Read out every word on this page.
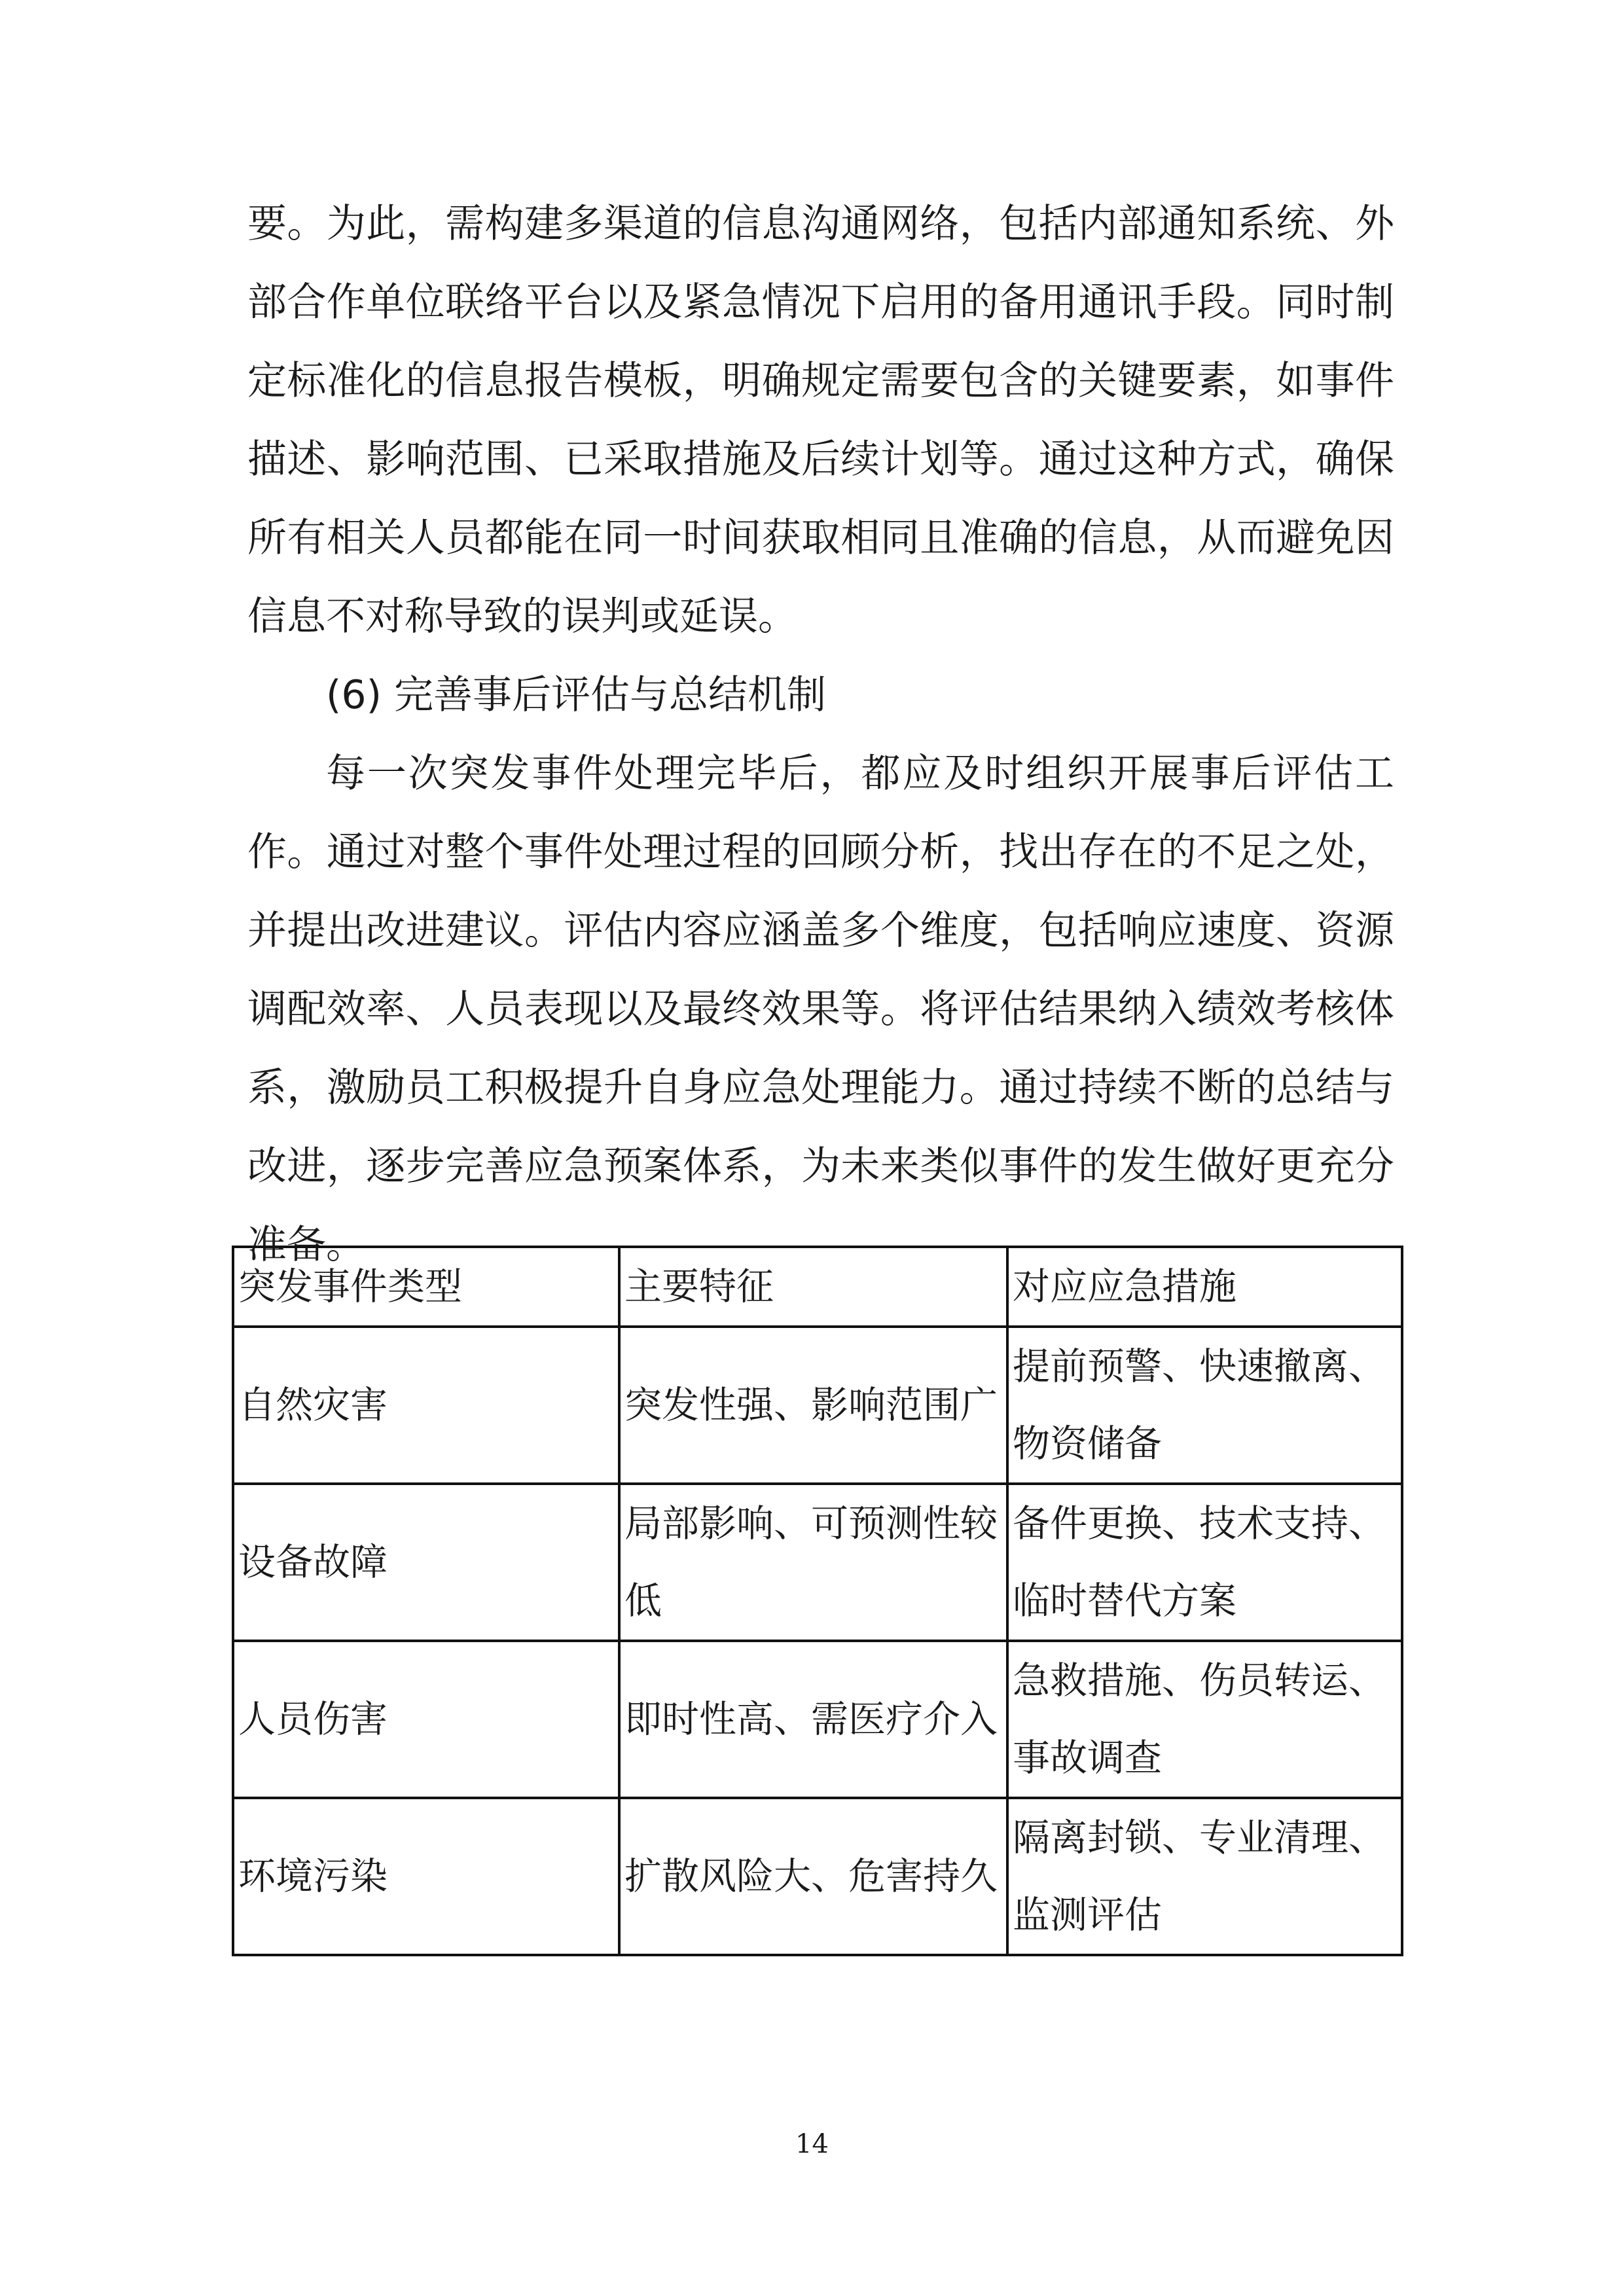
要。为此，需构建多渠道的信息沟通网络，包括内部通知系统、外部合作单位联络平台以及紧急情况下启用的备用通讯手段。同时制定标准化的信息报告模板，明确规定需要包含的关键要素，如事件描述、影响范围、已采取措施及后续计划等。通过这种方式，确保所有相关人员都能在同一时间获取相同且准确的信息，从而避免因信息不对称导致的误判或延误。

(6) 完善事后评估与总结机制

每一次突发事件处理完毕后，都应及时组织开展事后评估工作。通过对整个事件处理过程的回顾分析，找出存在的不足之处，并提出改进建议。评估内容应涵盖多个维度，包括响应速度、资源调配效率、人员表现以及最终效果等。将评估结果纳入绩效考核体系，激励员工积极提升自身应急处理能力。通过持续不断的总结与改进，逐步完善应急预案体系，为未来类似事件的发生做好更充分准备。

突发事件类型	主要特征	对应应急措施
自然灾害	突发性强、影响范围广	提前预警、快速撤离、物资储备
设备故障	局部影响、可预测性较低	备件更换、技术支持、临时替代方案
人员伤害	即时性高、需医疗介入	急救措施、伤员转运、事故调查
环境污染	扩散风险大、危害持久	隔离封锁、专业清理、监测评估
14
